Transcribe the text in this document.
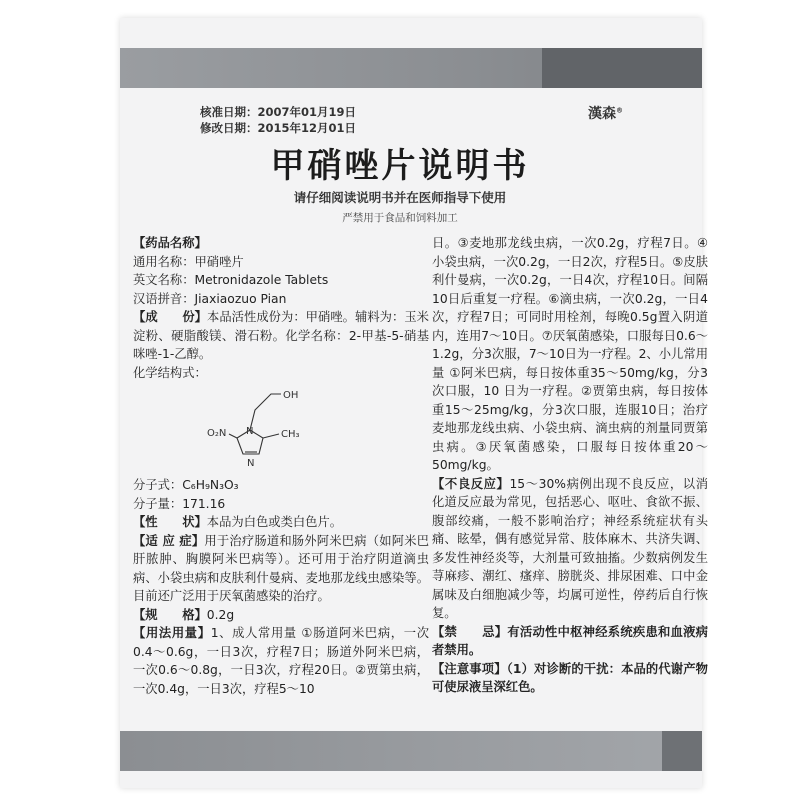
核准日期：2007年01月19日
修改日期：2015年12月01日
漢森®
甲硝唑片说明书
请仔细阅读说明书并在医师指导下使用
严禁用于食品和饲料加工

【药品名称】

通用名称：甲硝唑片

英文名称：Metronidazole Tablets

汉语拼音：Jiaxiaozuo Pian

【成　　份】本品活性成份为：甲硝唑。辅料为：玉米淀粉、硬脂酸镁、滑石粉。化学名称：2-甲基-5-硝基咪唑-1-乙醇。

化学结构式：

OH
O₂N N
N
CH₃

分子式：C₆H₉N₃O₃

分子量：171.16

【性　　状】本品为白色或类白色片。

【适 应 症】用于治疗肠道和肠外阿米巴病（如阿米巴肝脓肿、胸膜阿米巴病等）。还可用于治疗阴道滴虫病、小袋虫病和皮肤利什曼病、麦地那龙线虫感染等。目前还广泛用于厌氧菌感染的治疗。

【规　　格】0.2g

【用法用量】1、成人常用量 ①肠道阿米巴病，一次0.4～0.6g，一日3次，疗程7日；肠道外阿米巴病，一次0.6～0.8g，一日3次，疗程20日。②贾第虫病，一次0.4g，一日3次，疗程5～10

日。③麦地那龙线虫病，一次0.2g，疗程7日。④小袋虫病，一次0.2g，一日2次，疗程5日。⑤皮肤利什曼病，一次0.2g，一日4次，疗程10日。间隔10日后重复一疗程。⑥滴虫病，一次0.2g，一日4次，疗程7日；可同时用栓剂，每晚0.5g置入阴道内，连用7～10日。⑦厌氧菌感染，口服每日0.6～1.2g，分3次服，7～10日为一疗程。2、小儿常用量 ①阿米巴病，每日按体重35～50mg/kg，分3次口服，10 日为一疗程。②贾第虫病，每日按体重15～25mg/kg，分3次口服，连服10日；治疗麦地那龙线虫病、小袋虫病、滴虫病的剂量同贾第虫病。③厌氧菌感染，口服每日按体重20～50mg/kg。

【不良反应】15～30%病例出现不良反应，以消化道反应最为常见，包括恶心、呕吐、食欲不振、腹部绞痛，一般不影响治疗；神经系统症状有头痛、眩晕，偶有感觉异常、肢体麻木、共济失调、多发性神经炎等，大剂量可致抽搐。少数病例发生荨麻疹、潮红、瘙痒、膀胱炎、排尿困难、口中金属味及白细胞减少等，均属可逆性，停药后自行恢复。

【禁　　忌】有活动性中枢神经系统疾患和血液病者禁用。

【注意事项】（1）对诊断的干扰：本品的代谢产物可使尿液呈深红色。
